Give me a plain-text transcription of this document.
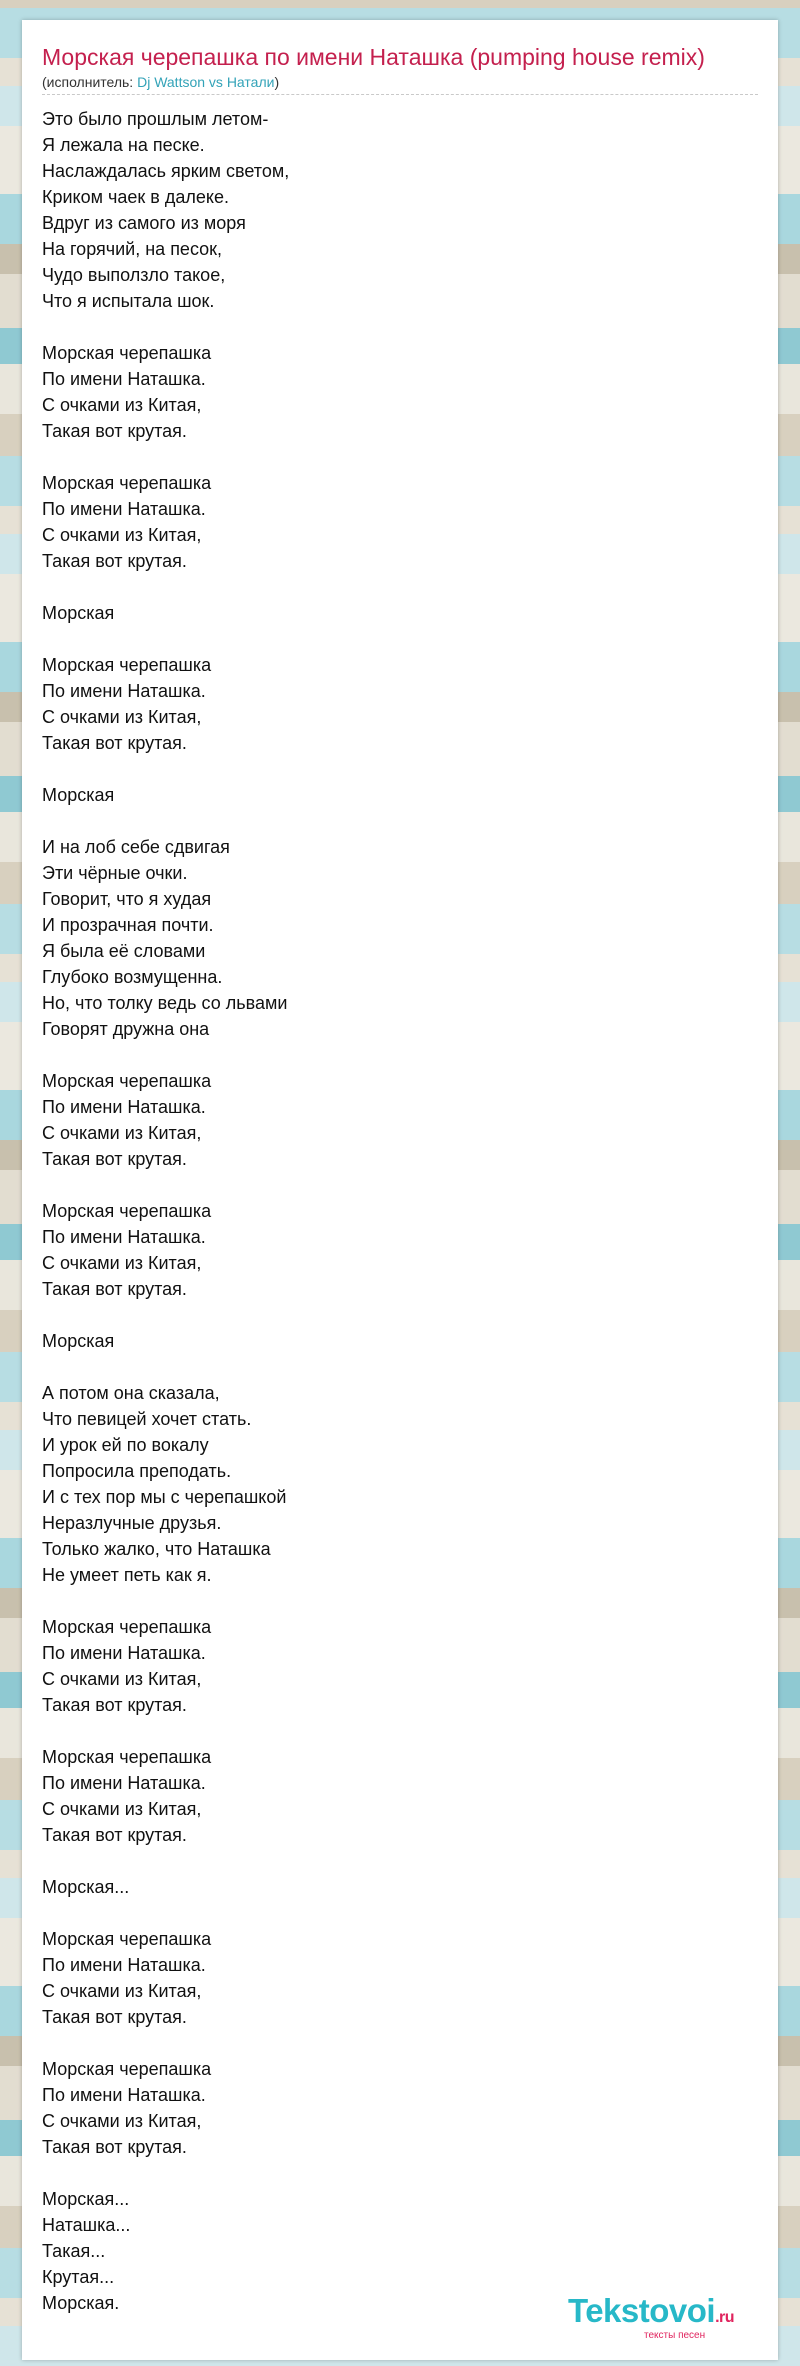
Морская черепашка по имени Наташка (pumping house remix)
(исполнитель: Dj Wattson vs Натали)
Это было прошлым летом-
Я лежала на песке.
Наслаждалась ярким светом,
Криком чаек в далеке.
Вдруг из самого из моря
На горячий, на песок,
Чудо выползло такое,
Что я испытала шок.
Морская черепашка
По имени Наташка.
С очками из Китая,
Такая вот крутая.
Морская черепашка
По имени Наташка.
С очками из Китая,
Такая вот крутая.
Морская
Морская черепашка
По имени Наташка.
С очками из Китая,
Такая вот крутая.
Морская
И на лоб себе сдвигая
Эти чёрные очки.
Говорит, что я худая
И прозрачная почти.
Я была её словами
Глубоко возмущенна.
Но, что толку ведь со львами
Говорят дружна она
Морская черепашка
По имени Наташка.
С очками из Китая,
Такая вот крутая.
Морская черепашка
По имени Наташка.
С очками из Китая,
Такая вот крутая.
Морская
А потом она сказала,
Что певицей хочет стать.
И урок ей по вокалу
Попросила преподать.
И с тех пор мы с черепашкой
Неразлучные друзья.
Только жалко, что Наташка
Не умеет петь как я.
Морская черепашка
По имени Наташка.
С очками из Китая,
Такая вот крутая.
Морская черепашка
По имени Наташка.
С очками из Китая,
Такая вот крутая.
Морская...
Морская черепашка
По имени Наташка.
С очками из Китая,
Такая вот крутая.
Морская черепашка
По имени Наташка.
С очками из Китая,
Такая вот крутая.
Морская...
Наташка...
Такая...
Крутая...
Морская.	Tekstovoi.ru
тексты песен
